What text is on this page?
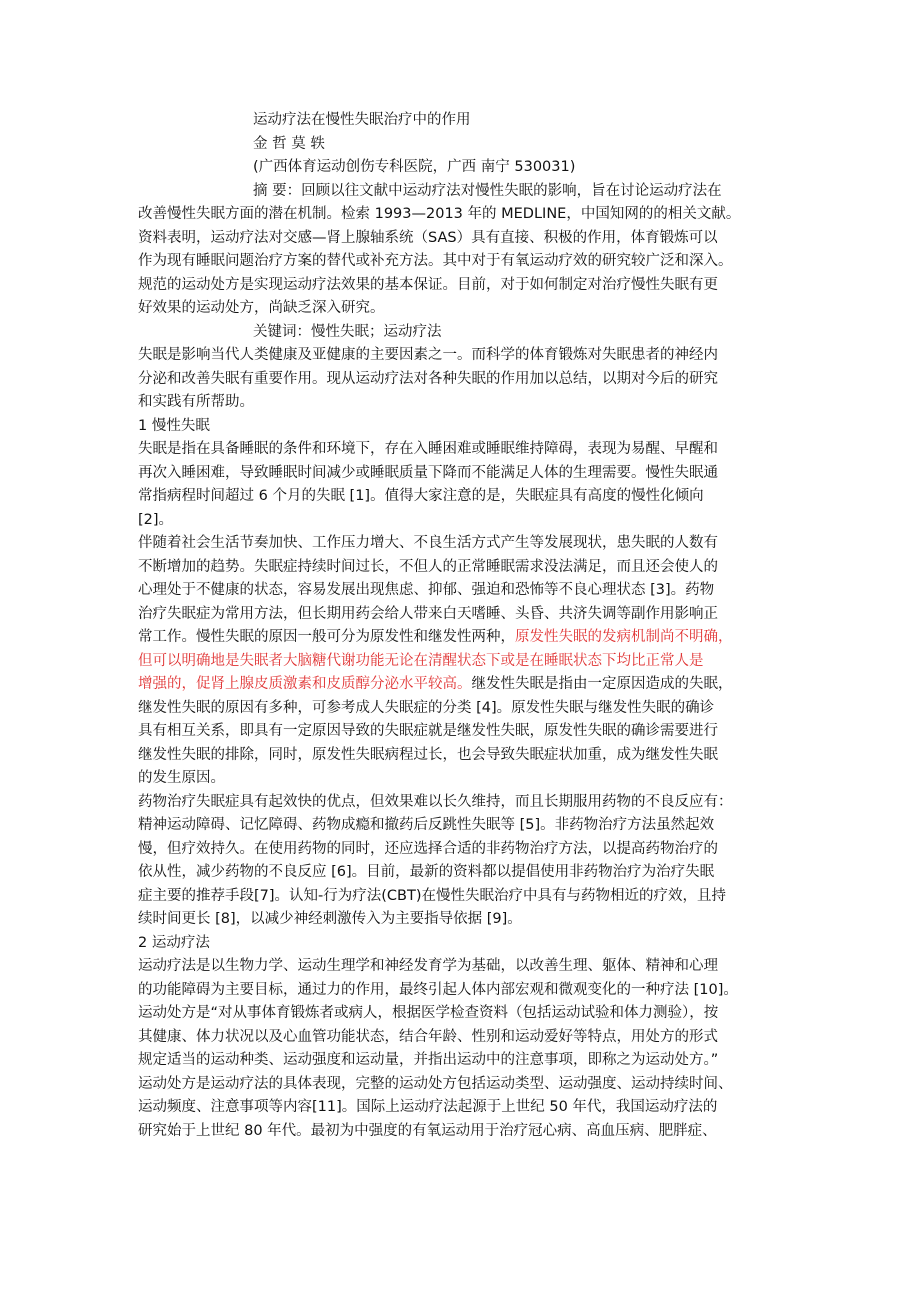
运动疗法在慢性失眠治疗中的作用
金 哲 莫 轶
(广西体育运动创伤专科医院，广西 南宁 530031)
摘 要：回顾以往文献中运动疗法对慢性失眠的影响，旨在讨论运动疗法在
改善慢性失眠方面的潜在机制。检索 1993—2013 年的 MEDLINE，中国知网的的相关文献。
资料表明，运动疗法对交感—肾上腺轴系统（SAS）具有直接、积极的作用，体育锻炼可以
作为现有睡眠问题治疗方案的替代或补充方法。其中对于有氧运动疗效的研究较广泛和深入。
规范的运动处方是实现运动疗法效果的基本保证。目前，对于如何制定对治疗慢性失眠有更
好效果的运动处方，尚缺乏深入研究。
关键词：慢性失眠；运动疗法
失眠是影响当代人类健康及亚健康的主要因素之一。而科学的体育锻炼对失眠患者的神经内
分泌和改善失眠有重要作用。现从运动疗法对各种失眠的作用加以总结，以期对今后的研究
和实践有所帮助。
1 慢性失眠
失眠是指在具备睡眠的条件和环境下，存在入睡困难或睡眠维持障碍，表现为易醒、早醒和
再次入睡困难，导致睡眠时间减少或睡眠质量下降而不能满足人体的生理需要。慢性失眠通
常指病程时间超过 6 个月的失眠 [1]。值得大家注意的是，失眠症具有高度的慢性化倾向
[2]。
伴随着社会生活节奏加快、工作压力增大、不良生活方式产生等发展现状，患失眠的人数有
不断增加的趋势。失眠症持续时间过长，不但人的正常睡眠需求没法满足，而且还会使人的
心理处于不健康的状态，容易发展出现焦虑、抑郁、强迫和恐怖等不良心理状态 [3]。药物
治疗失眠症为常用方法，但长期用药会给人带来白天嗜睡、头昏、共济失调等副作用影响正
常工作。慢性失眠的原因一般可分为原发性和继发性两种，原发性失眠的发病机制尚不明确，
但可以明确地是失眠者大脑糖代谢功能无论在清醒状态下或是在睡眠状态下均比正常人是
增强的，促肾上腺皮质激素和皮质醇分泌水平较高。继发性失眠是指由一定原因造成的失眠，
继发性失眠的原因有多种，可参考成人失眠症的分类 [4]。原发性失眠与继发性失眠的确诊
具有相互关系，即具有一定原因导致的失眠症就是继发性失眠，原发性失眠的确诊需要进行
继发性失眠的排除，同时，原发性失眠病程过长，也会导致失眠症状加重，成为继发性失眠
的发生原因。
药物治疗失眠症具有起效快的优点，但效果难以长久维持，而且长期服用药物的不良反应有：
精神运动障碍、记忆障碍、药物成瘾和撤药后反跳性失眠等 [5]。非药物治疗方法虽然起效
慢，但疗效持久。在使用药物的同时，还应选择合适的非药物治疗方法，以提高药物治疗的
依从性，减少药物的不良反应 [6]。目前，最新的资料都以提倡使用非药物治疗为治疗失眠
症主要的推荐手段[7]。认知-行为疗法(CBT)在慢性失眠治疗中具有与药物相近的疗效，且持
续时间更长 [8]，以减少神经刺激传入为主要指导依据 [9]。
2 运动疗法
运动疗法是以生物力学、运动生理学和神经发育学为基础，以改善生理、躯体、精神和心理
的功能障碍为主要目标，通过力的作用，最终引起人体内部宏观和微观变化的一种疗法 [10]。
运动处方是“对从事体育锻炼者或病人，根据医学检查资料（包括运动试验和体力测验），按
其健康、体力状况以及心血管功能状态，结合年龄、性别和运动爱好等特点，用处方的形式
规定适当的运动种类、运动强度和运动量，并指出运动中的注意事项，即称之为运动处方。”
运动处方是运动疗法的具体表现，完整的运动处方包括运动类型、运动强度、运动持续时间、
运动频度、注意事项等内容[11]。国际上运动疗法起源于上世纪 50 年代，我国运动疗法的
研究始于上世纪 80 年代。最初为中强度的有氧运动用于治疗冠心病、高血压病、肥胖症、
